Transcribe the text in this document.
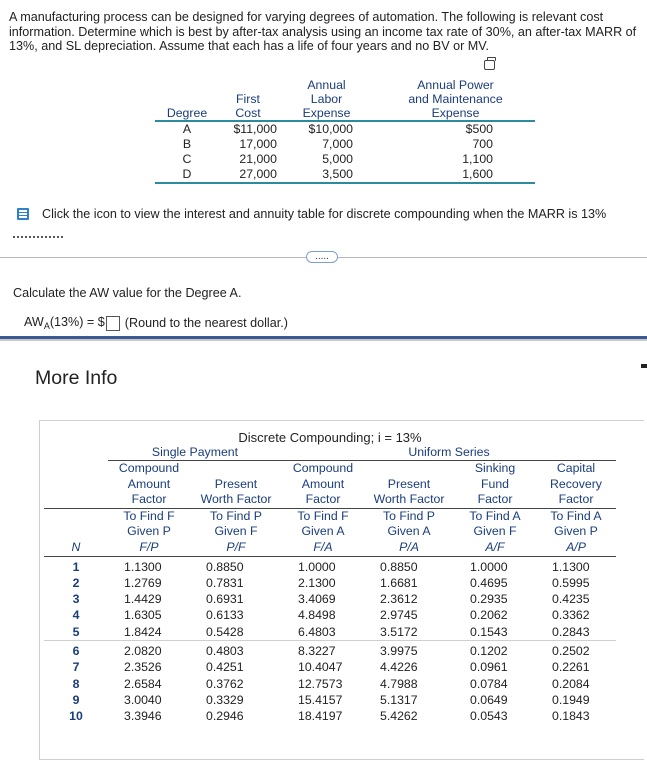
A manufacturing process can be designed for varying degrees of automation. The following is relevant cost information. Determine which is best by after-tax analysis using an income tax rate of 30%, an after-tax MARR of 13%, and SL depreciation. Assume that each has a life of four years and no BV or MV.
		Annual	Annual Power
	First	Labor	and Maintenance
Degree	Cost	Expense	Expense
A	$11,000	$10,000	$500
B	17,000	7,000	700
C	21,000	5,000	1,100
D	27,000	3,500	1,600
Click the icon to view the interest and annuity table for discrete compounding when the MARR is 13%
.....
Calculate the AW value for the Degree A.
$AW_A(13\%)$ = $ (Round to the nearest dollar.)
More Info
Discrete Compounding; i = 13%						
	Single Payment		Uniform Series			
	Compound		Compound		Sinking	Capital
	Amount	Present	Amount	Present	Fund	Recovery
	Factor	Worth Factor	Factor	Worth Factor	Factor	Factor
	To Find F	To Find P	To Find F	To Find P	To Find A	To Find A
	Given P	Given F	Given A	Given A	Given F	Given P
N	F/P	P/F	F/A	P/A	A/F	A/P
1	1.1300	0.8850	1.0000	0.8850	1.0000	1.1300
2	1.2769	0.7831	2.1300	1.6681	0.4695	0.5995
3	1.4429	0.6931	3.4069	2.3612	0.2935	0.4235
4	1.6305	0.6133	4.8498	2.9745	0.2062	0.3362
5	1.8424	0.5428	6.4803	3.5172	0.1543	0.2843
6	2.0820	0.4803	8.3227	3.9975	0.1202	0.2502
7	2.3526	0.4251	10.4047	4.4226	0.0961	0.2261
8	2.6584	0.3762	12.7573	4.7988	0.0784	0.2084
9	3.0040	0.3329	15.4157	5.1317	0.0649	0.1949
10	3.3946	0.2946	18.4197	5.4262	0.0543	0.1843
